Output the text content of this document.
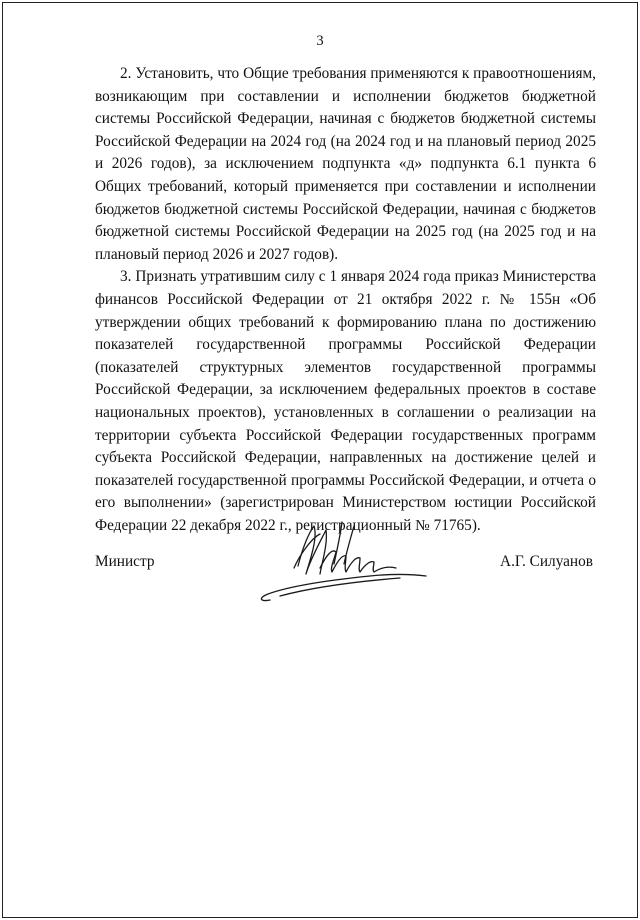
3

2. Установить, что Общие требования применяются к правоотношениям, возникающим при составлении и исполнении бюджетов бюджетной системы Российской Федерации, начиная с бюджетов бюджетной системы Российской Федерации на 2024 год (на 2024 год и на плановый период 2025 и 2026 годов), за исключением подпункта «д» подпункта 6.1 пункта 6 Общих требований, который применяется при составлении и исполнении бюджетов бюджетной системы Российской Федерации, начиная с бюджетов бюджетной системы Российской Федерации на 2025 год (на 2025 год и на плановый период 2026 и 2027 годов).

3. Признать утратившим силу с 1 января 2024 года приказ Министерства финансов Российской Федерации от 21 октября 2022 г. № 155н «Об утверждении общих требований к формированию плана по достижению показателей государственной программы Российской Федерации (показателей структурных элементов государственной программы Российской Федерации, за исключением федеральных проектов в составе национальных проектов), установленных в соглашении о реализации на территории субъекта Российской Федерации государственных программ субъекта Российской Федерации, направленных на достижение целей и показателей государственной программы Российской Федерации, и отчета о его выполнении» (зарегистрирован Министерством юстиции Российской Федерации 22 декабря 2022 г., регистрационный № 71765).

Министр	А.Г. Силуанов
